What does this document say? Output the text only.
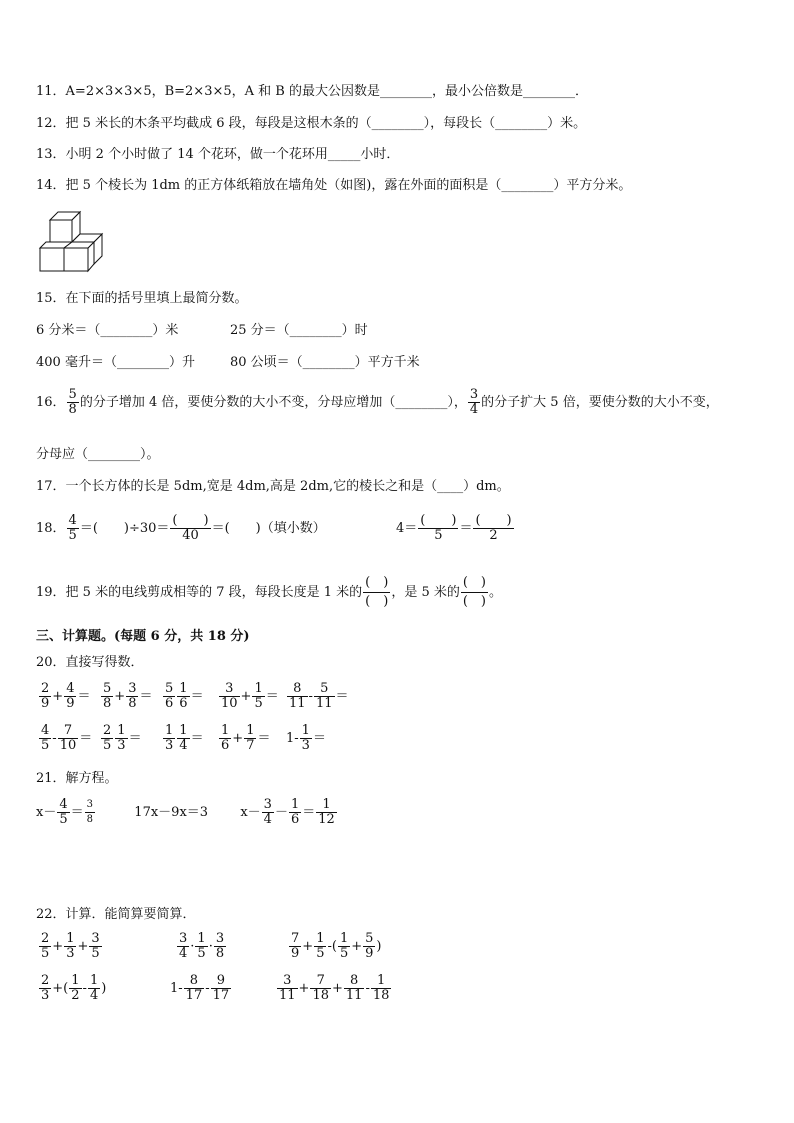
11．A=2×3×3×5，B=2×3×5，A 和 B 的最大公因数是________，最小公倍数是________．
12．把 5 米长的木条平均截成 6 段，每段是这根木条的（________），每段长（________）米。
13．小明 2 个小时做了 14 个花环，做一个花环用_____小时．
14．把 5 个棱长为 1dm 的正方体纸箱放在墙角处（如图)，露在外面的面积是（________）平方分米。
15．在下面的括号里填上最简分数。
6 分米＝（________）米	25 分＝（________）时
400 毫升＝（________）升	80 公顷＝（________）平方千米
16． $\frac{5}{8}$ 的分子增加 4 倍，要使分数的大小不变，分母应增加（________）， $\frac{3}{4}$ 的分子扩大 5 倍，要使分数的大小不变，
分母应（________）。
17．一个长方体的长是 5dm,宽是 4dm,高是 2dm,它的棱长之和是（____）dm。
18． $\frac{4}{5}$ ＝(　　)÷30＝
(　　)
40 ＝(　　)（填小数）	4＝
(　　)
5	＝
(　　)
2
19．把 5 米的电线剪成相等的 7 段，每段长度是 1 米的
(　)
(　)
，是 5 米的
(　)
(　)
。
三、计算题。(每题 6 分，共 18 分)
20．直接写得数．
$\frac{2}{9} + \frac{4}{9} = \frac{5}{8} + \frac{3}{8} = \frac{5}{6} \frac{1}{6} = \frac{3}{10} + \frac{1}{5} = \frac{8}{11} - \frac{5}{11}$ ＝
$\frac{4}{5} - \frac{7}{10} = \frac{2}{5} \frac{1}{3} = \frac{1}{3} \frac{1}{4} = \frac{1}{6} + \frac{1}{7} = 1- \frac{1}{3}$ ＝
21．解方程。
$x- \frac{4}{5} = \frac{3}{8}$	17x－9x＝3 $x- \frac{3}{4} - \frac{1}{6} = \frac{1}{12}$
22．计算．能简算要简算．
$\frac{2}{5} + \frac{1}{3} + \frac{3}{5}$	$\frac{3}{4} \cdot \frac{1}{5} \cdot \frac{3}{8}$	$\frac{7}{9} + \frac{1}{5}$ -( $\frac{1}{5} + \frac{5}{9}$ )
$\frac{2}{3}$ +( $\frac{1}{2} - \frac{1}{4}$ )	$1- \frac{8}{17} - \frac{9}{17}$	$\frac{3}{11} + \frac{7}{18} + \frac{8}{11} - \frac{1}{18}$
